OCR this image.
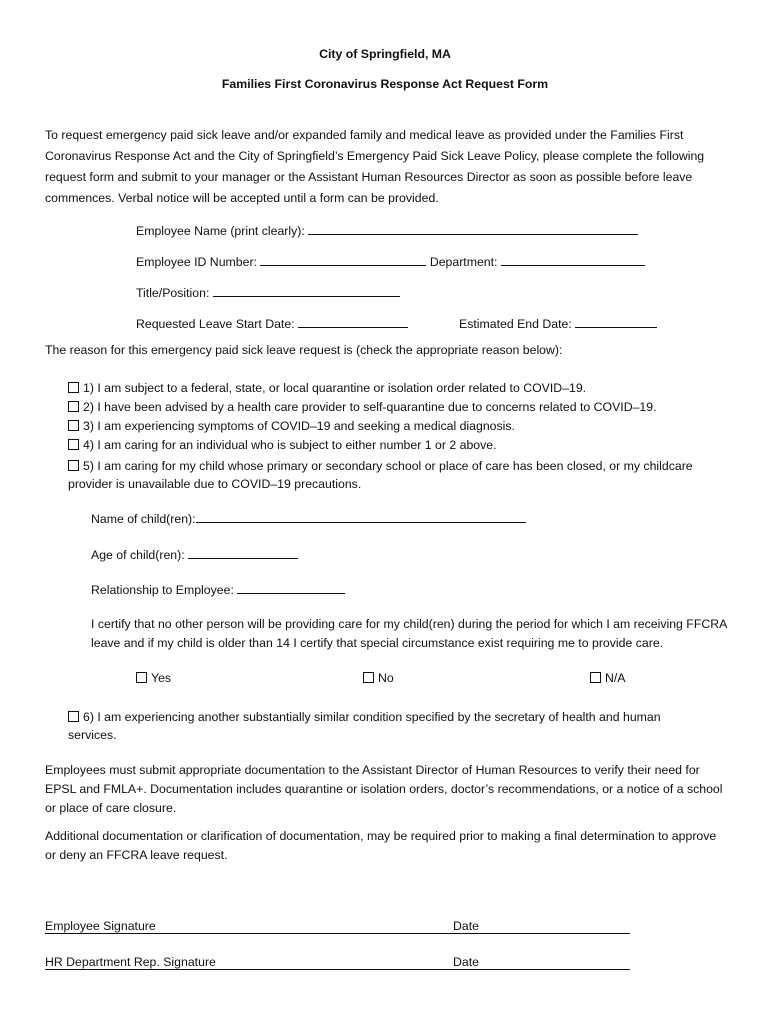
City of Springfield, MA
Families First Coronavirus Response Act Request Form
To request emergency paid sick leave and/or expanded family and medical leave as provided under the Families First Coronavirus Response Act and the City of Springfield’s Emergency Paid Sick Leave Policy, please complete the following request form and submit to your manager or the Assistant Human Resources Director as soon as possible before leave commences. Verbal notice will be accepted until a form can be provided.
Employee Name (print clearly):
Employee ID Number:	Department:
Title/Position:
Requested Leave Start Date:	Estimated End Date:
The reason for this emergency paid sick leave request is (check the appropriate reason below):
1) I am subject to a federal, state, or local quarantine or isolation order related to COVID–19.
2) I have been advised by a health care provider to self-quarantine due to concerns related to COVID–19.
3) I am experiencing symptoms of COVID–19 and seeking a medical diagnosis.
4) I am caring for an individual who is subject to either number 1 or 2 above.
5) I am caring for my child whose primary or secondary school or place of care has been closed, or my childcare provider is unavailable due to COVID–19 precautions.
Name of child(ren):
Age of child(ren):
Relationship to Employee:
I certify that no other person will be providing care for my child(ren) during the period for which I am receiving FFCRA leave and if my child is older than 14 I certify that special circumstance exist requiring me to provide care.
Yes	No	N/A
6) I am experiencing another substantially similar condition specified by the secretary of health and human services.
Employees must submit appropriate documentation to the Assistant Director of Human Resources to verify their need for EPSL and FMLA+. Documentation includes quarantine or isolation orders, doctor’s recommendations, or a notice of a school or place of care closure.
Additional documentation or clarification of documentation, may be required prior to making a final determination to approve or deny an FFCRA leave request.
Employee Signature	Date
HR Department Rep. Signature	Date
